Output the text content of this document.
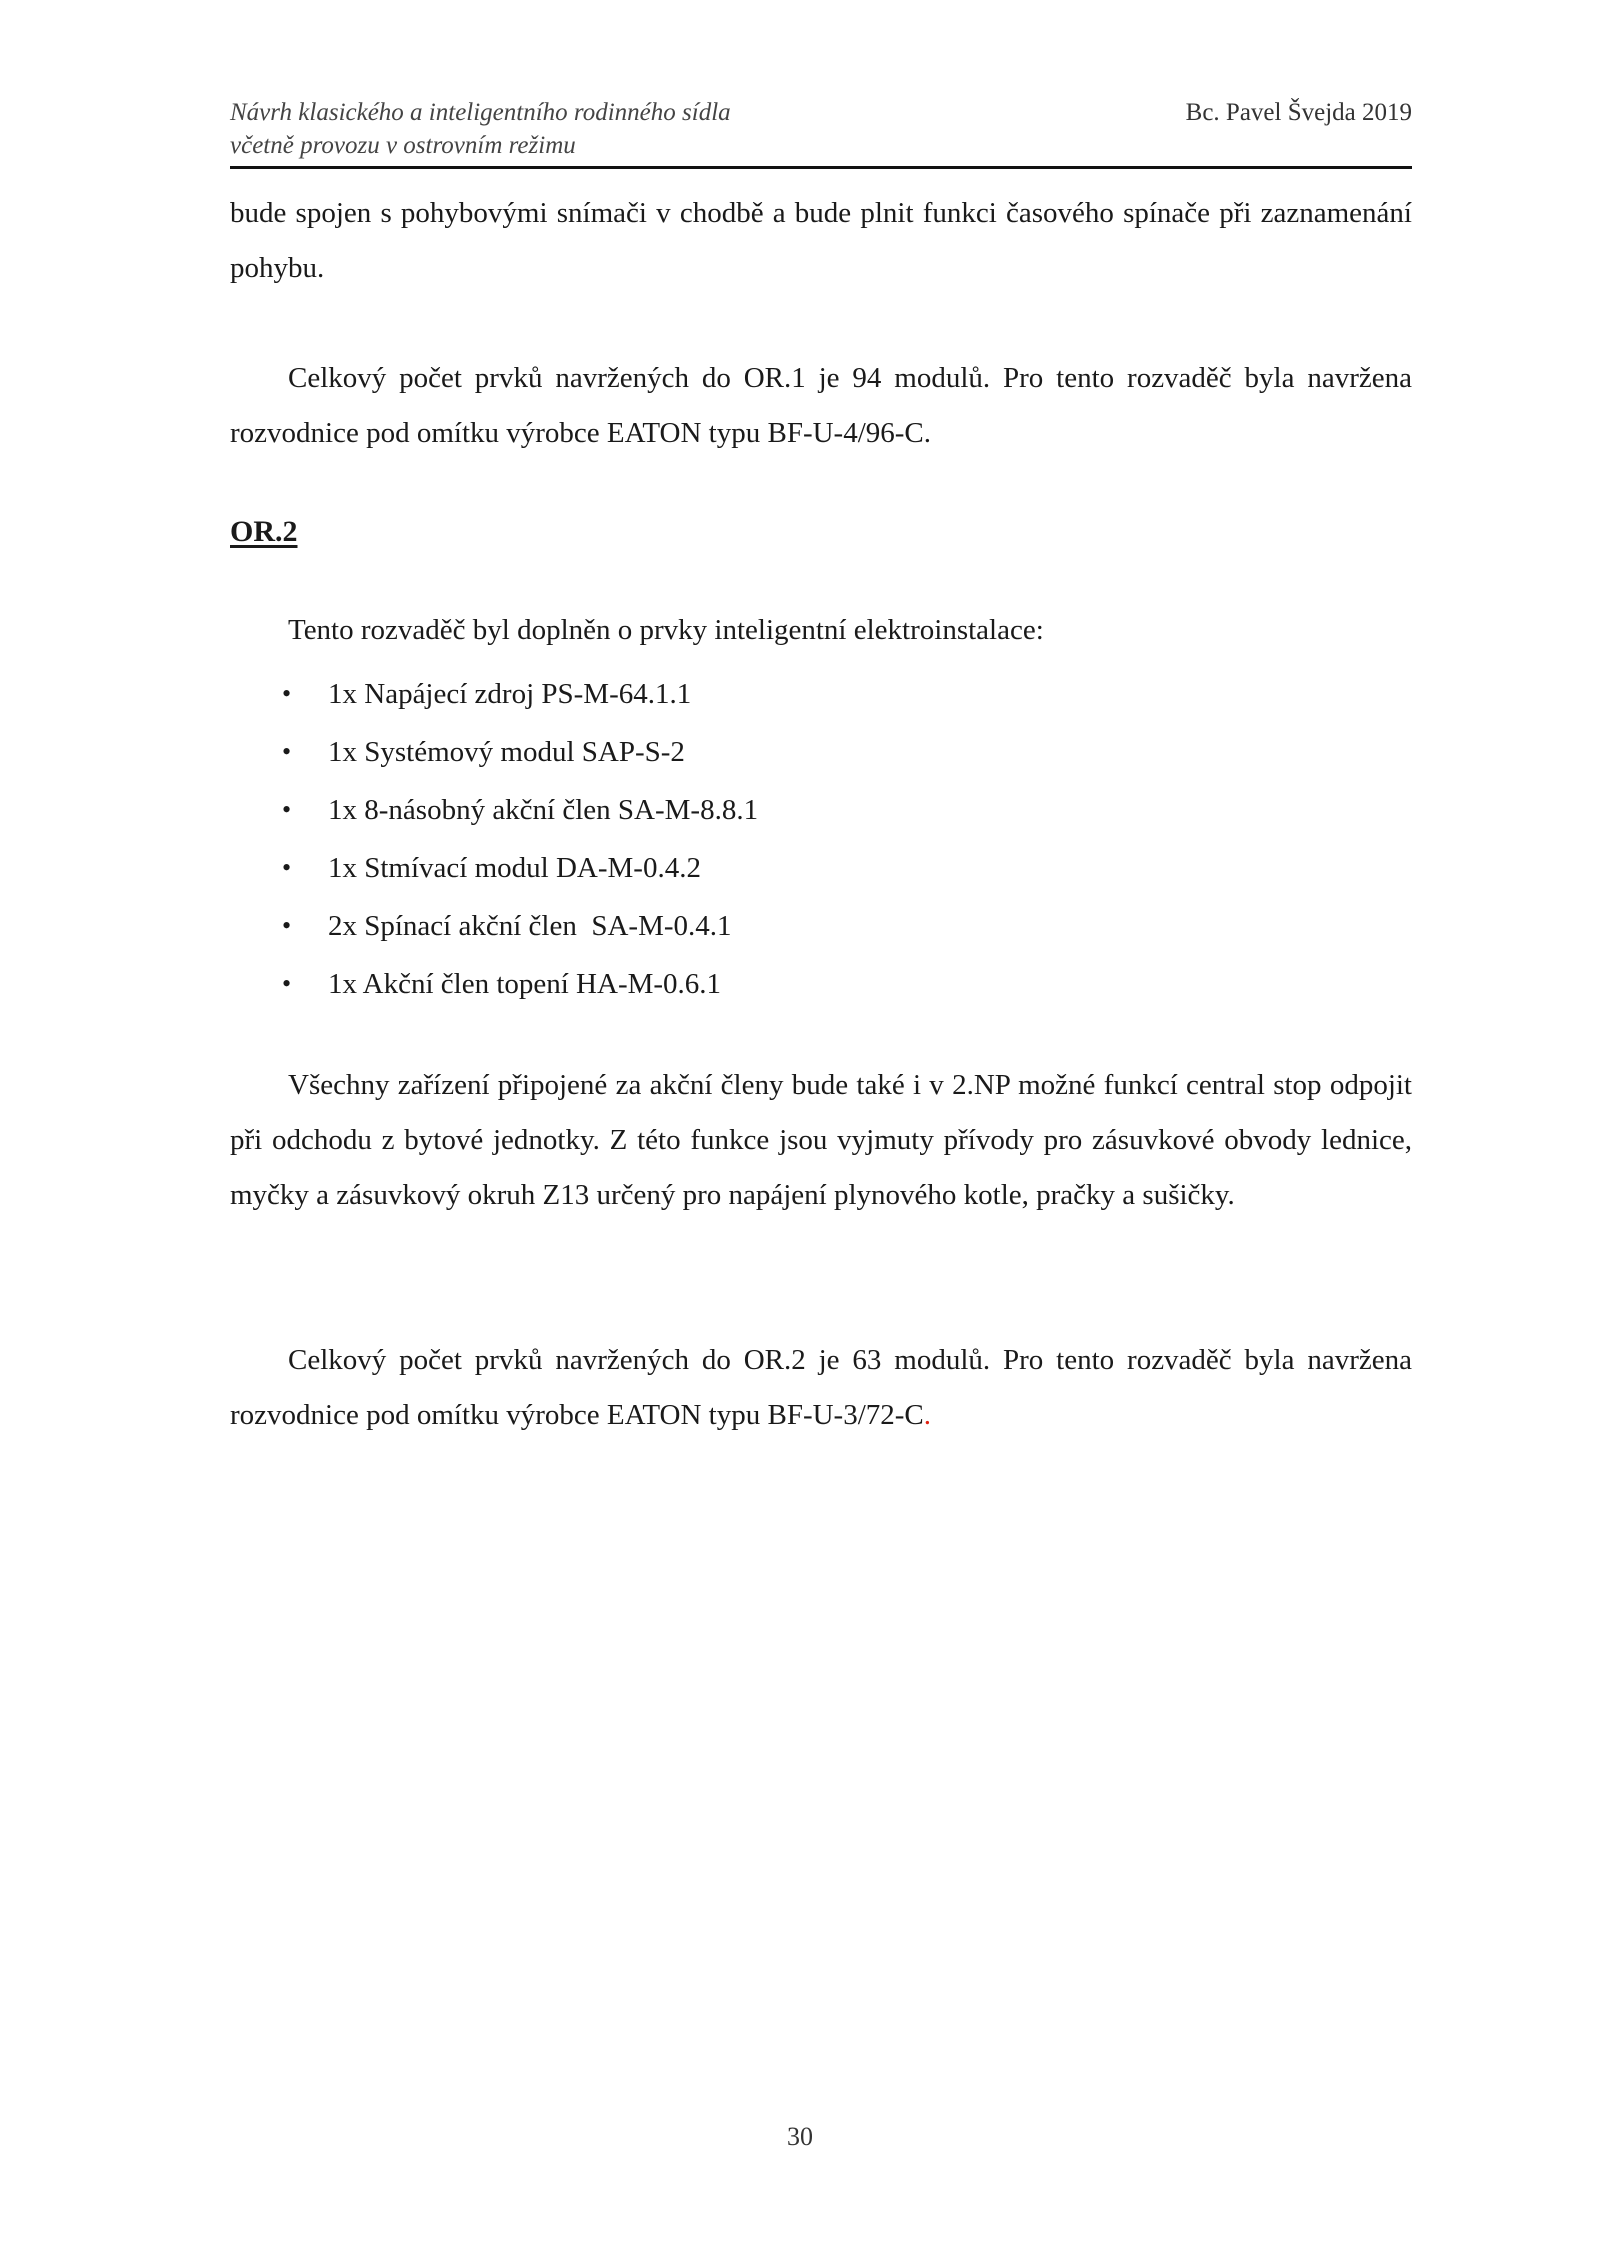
Návrh klasického a inteligentního rodinného sídla
včetně provozu v ostrovním režimu
Bc. Pavel Švejda 2019

bude spojen s pohybovými snímači v chodbě a bude plnit funkci časového spínače při zaznamenání pohybu.

Celkový počet prvků navržených do OR.1 je 94 modulů. Pro tento rozvaděč byla navržena rozvodnice pod omítku výrobce EATON typu BF-U-4/96-C.

OR.2

Tento rozvaděč byl doplněn o prvky inteligentní elektroinstalace:

• 1x Napájecí zdroj PS-M-64.1.1
• 1x Systémový modul SAP-S-2
• 1x 8-násobný akční člen SA-M-8.8.1
• 1x Stmívací modul DA-M-0.4.2
• 2x Spínací akční člen  SA-M-0.4.1
• 1x Akční člen topení HA-M-0.6.1

Všechny zařízení připojené za akční členy bude také i v 2.NP možné funkcí central stop odpojit při odchodu z bytové jednotky. Z této funkce jsou vyjmuty přívody pro zásuvkové obvody lednice, myčky a zásuvkový okruh Z13 určený pro napájení plynového kotle, pračky a sušičky.

Celkový počet prvků navržených do OR.2 je 63 modulů. Pro tento rozvaděč byla navržena rozvodnice pod omítku výrobce EATON typu BF-U-3/72-C.

30
